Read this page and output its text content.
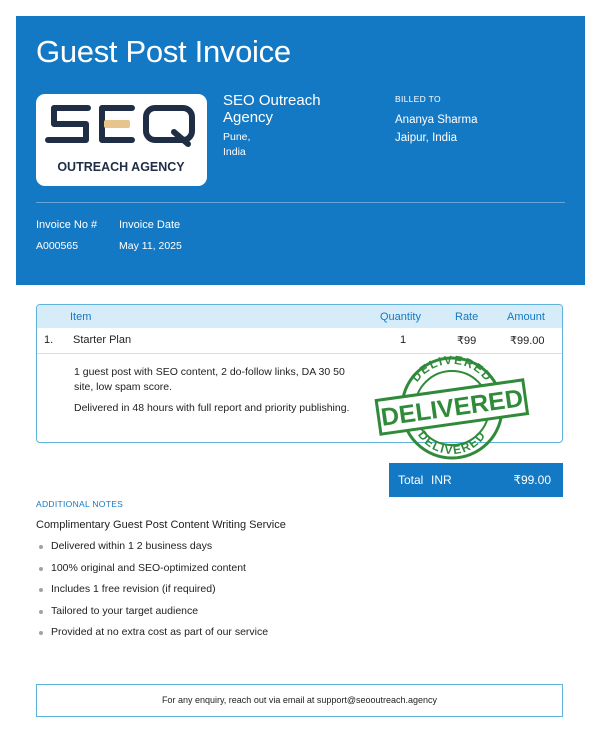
Guest Post Invoice
OUTREACH AGENCY
SEO Outreach Agency
Pune,
India
BILLED TO
Ananya Sharma
Jaipur, India
Invoice No #
A000565
Invoice Date
May 11, 2025
Item	Quantity	Rate	Amount
1. Starter Plan	1	₹99	₹99.00

1 guest post with SEO content, 2 do-follow links, DA 30 50 site, low spam score.

Delivered in 48 hours with full report and priority publishing.

DELIVERED
DELIVERED
DELIVERED
Total INR	₹99.00
ADDITIONAL NOTES
Complimentary Guest Post Content Writing Service
Delivered within 1 2 business days
100% original and SEO-optimized content
Includes 1 free revision (if required)
Tailored to your target audience
Provided at no extra cost as part of our service
For any enquiry, reach out via email at support@seooutreach.agency
